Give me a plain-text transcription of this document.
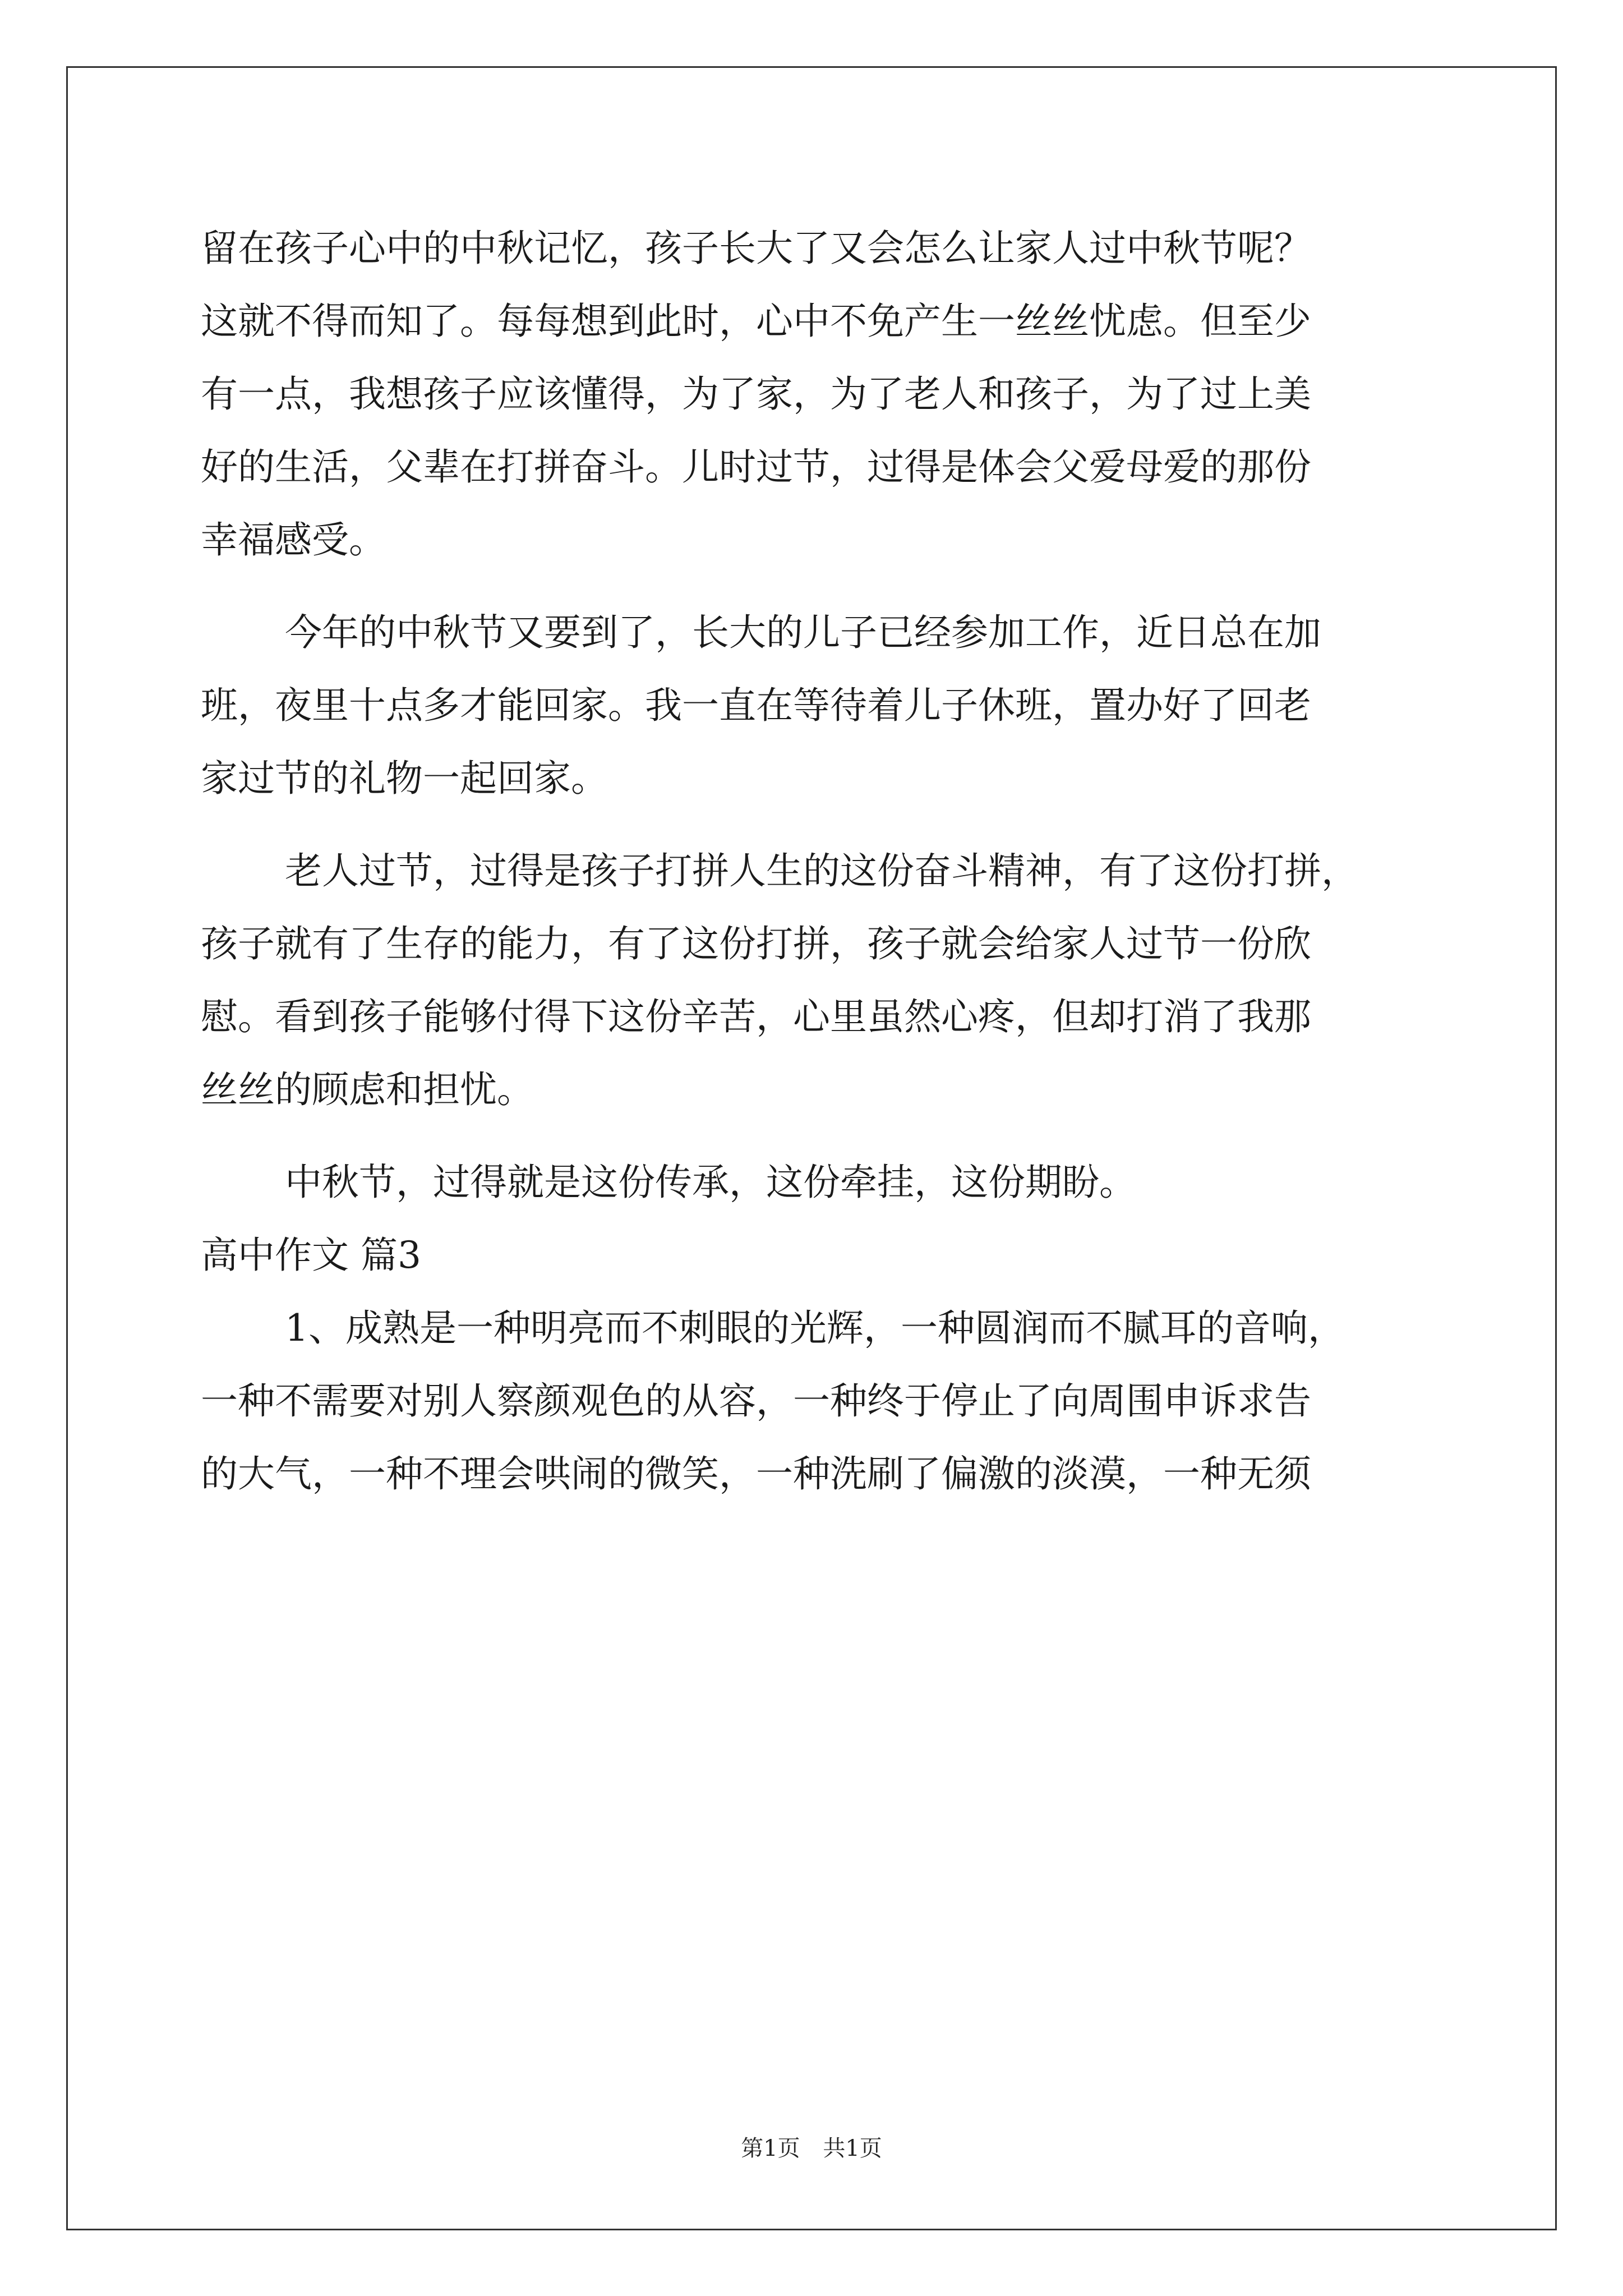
留在孩子心中的中秋记忆，孩子长大了又会怎么让家人过中秋节呢？
这就不得而知了。每每想到此时，心中不免产生一丝丝忧虑。但至少
有一点，我想孩子应该懂得，为了家，为了老人和孩子，为了过上美
好的生活，父辈在打拼奋斗。儿时过节，过得是体会父爱母爱的那份
幸福感受。
今年的中秋节又要到了，长大的儿子已经参加工作，近日总在加
班，夜里十点多才能回家。我一直在等待着儿子休班，置办好了回老
家过节的礼物一起回家。
老人过节，过得是孩子打拼人生的这份奋斗精神，有了这份打拼，
孩子就有了生存的能力，有了这份打拼，孩子就会给家人过节一份欣
慰。看到孩子能够付得下这份辛苦，心里虽然心疼，但却打消了我那
丝丝的顾虑和担忧。
中秋节，过得就是这份传承，这份牵挂，这份期盼。
高中作文 篇3
1、成熟是一种明亮而不刺眼的光辉，一种圆润而不腻耳的音响，
一种不需要对别人察颜观色的从容，一种终于停止了向周围申诉求告
的大气，一种不理会哄闹的微笑，一种洗刷了偏激的淡漠，一种无须
第1页 共1页
